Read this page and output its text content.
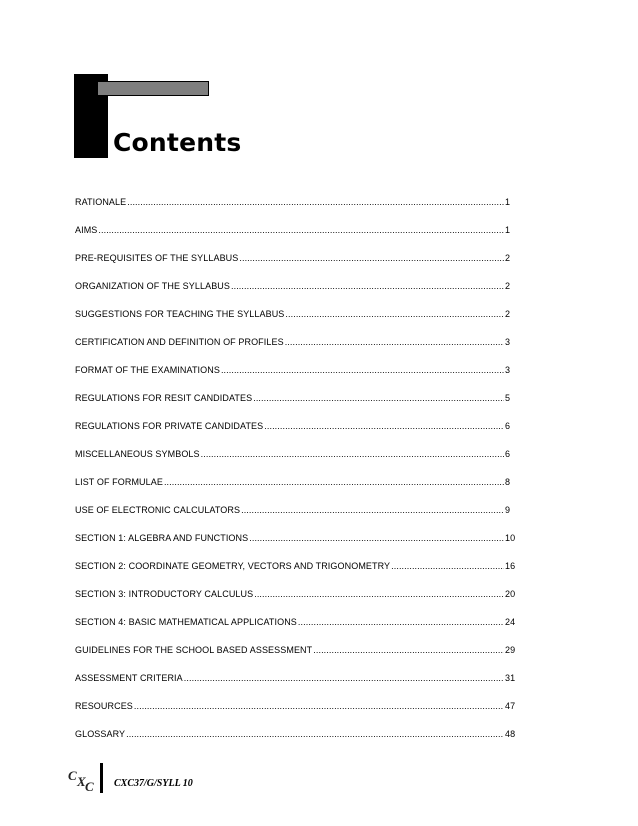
Contents
RATIONALE .....	1
AIMS .....	1
PRE-REQUISITES OF THE SYLLABUS .....	2
ORGANIZATION OF THE SYLLABUS .....	2
SUGGESTIONS FOR TEACHING THE SYLLABUS .....	2
CERTIFICATION AND DEFINITION OF PROFILES .....	3
FORMAT OF THE EXAMINATIONS .....	3
REGULATIONS FOR RESIT CANDIDATES .....	5
REGULATIONS FOR PRIVATE CANDIDATES .....	6
MISCELLANEOUS SYMBOLS .....	6
LIST OF FORMULAE .....	8
USE OF ELECTRONIC CALCULATORS .....	9
SECTION 1: ALGEBRA AND FUNCTIONS .....	10
SECTION 2: COORDINATE GEOMETRY, VECTORS AND TRIGONOMETRY .....	16
SECTION 3: INTRODUCTORY CALCULUS .....	20
SECTION 4: BASIC MATHEMATICAL APPLICATIONS .....	24
GUIDELINES FOR THE SCHOOL BASED ASSESSMENT .....	29
ASSESSMENT CRITERIA .....	31
RESOURCES .....	47
GLOSSARY .....	48
C X C CXC37/G/SYLL 10
